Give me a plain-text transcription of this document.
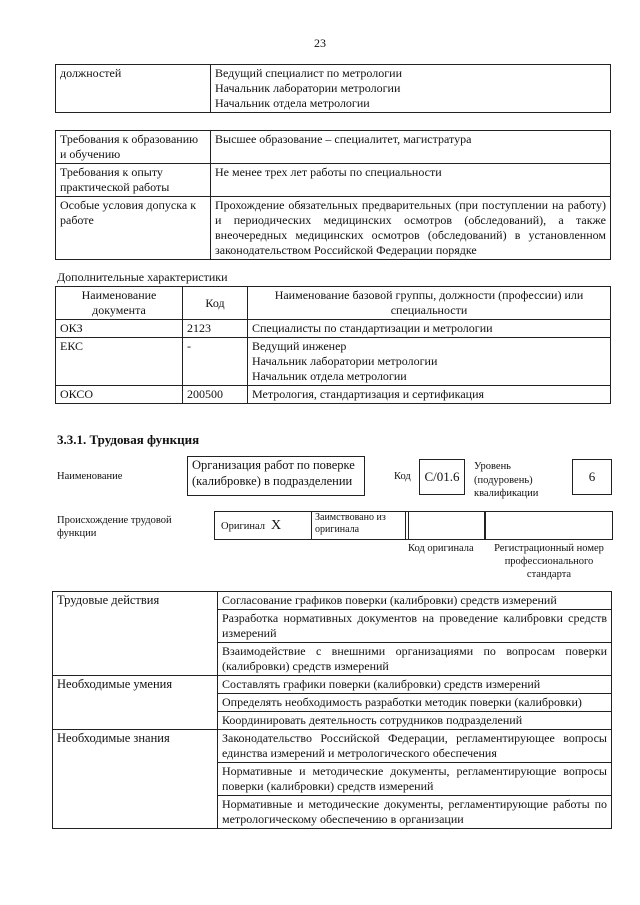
23
должностей	Ведущий специалист по метрологии
Начальник лаборатории метрологии
Начальник отдела метрологии
Требования к образованию и обучению	Высшее образование – специалитет, магистратура
Требования к опыту практической работы	Не менее трех лет работы по специальности
Особые условия допуска к работе	Прохождение обязательных предварительных (при поступлении на работу) и периодических медицинских осмотров (обследований), а также внеочередных медицинских осмотров (обследований) в установленном законодательством Российской Федерации порядке
Дополнительные характеристики
Наименование документа	Код	Наименование базовой группы, должности (профессии) или специальности
ОКЗ	2123	Специалисты по стандартизации и метрологии
ЕКС	-	Ведущий инженер
Начальник лаборатории метрологии
Начальник отдела метрологии

ОКСО	200500	Метрология, стандартизация и сертификация
3.3.1. Трудовая функция
Наименование
Организация работ по поверке (калибровке) в подразделении	Код	С/01.6
Уровень (подуровень) квалификации
6
Происхождение трудовой функции
Оригинал X
Заимствовано из оригинала
Код оригинала	Регистрационный номер профессионального стандарта
Трудовые действия	Согласование графиков поверки (калибровки) средств измерений
	Разработка нормативных документов на проведение калибровки средств измерений
	Взаимодействие с внешними организациями по вопросам поверки (калибровки) средств измерений
Необходимые умения	Составлять графики поверки (калибровки) средств измерений
	Определять необходимость разработки методик поверки (калибровки)
	Координировать деятельность сотрудников подразделений
Необходимые знания	Законодательство Российской Федерации, регламентирующее вопросы единства измерений и метрологического обеспечения
	Нормативные и методические документы, регламентирующие вопросы поверки (калибровки) средств измерений
	Нормативные и методические документы, регламентирующие работы по метрологическому обеспечению в организации
